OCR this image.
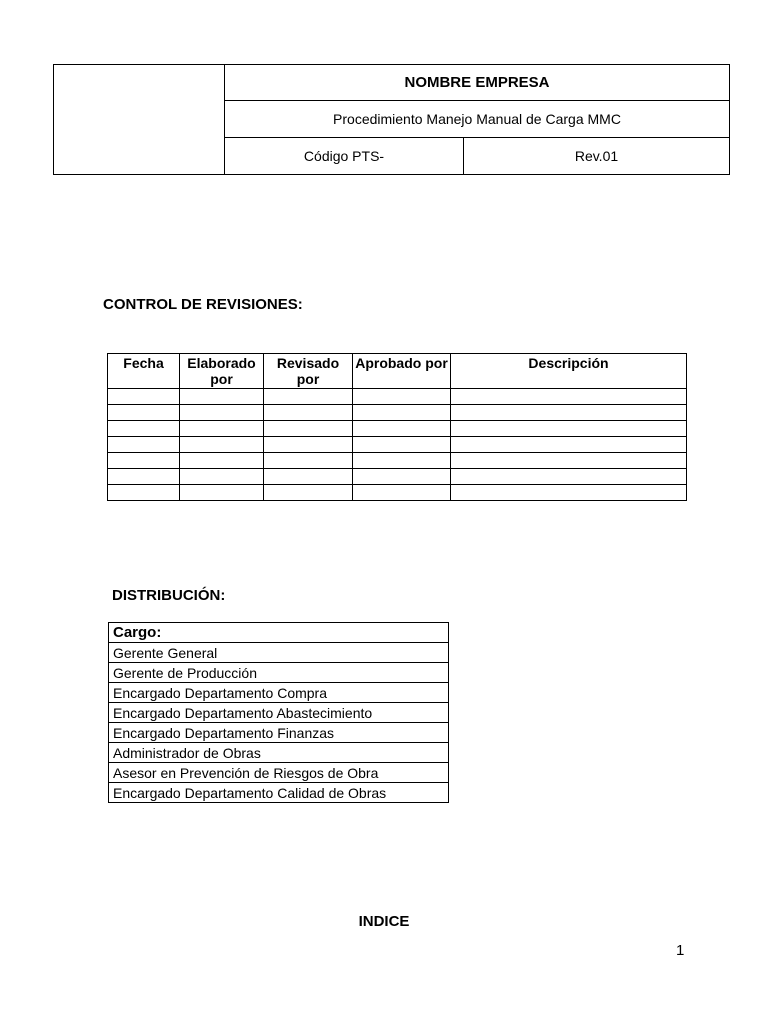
	NOMBRE EMPRESA	
	Procedimiento Manejo Manual de Carga MMC	
	Código PTS-	Rev.01
CONTROL DE REVISIONES:
Fecha	Elaborado por	Revisado por	Aprobado por	Descripción

DISTRIBUCIÓN:
Cargo:
Gerente General
Gerente de Producción
Encargado Departamento Compra
Encargado Departamento Abastecimiento
Encargado Departamento Finanzas
Administrador de Obras
Asesor en Prevención de Riesgos de Obra
Encargado Departamento Calidad de Obras
INDICE
1
